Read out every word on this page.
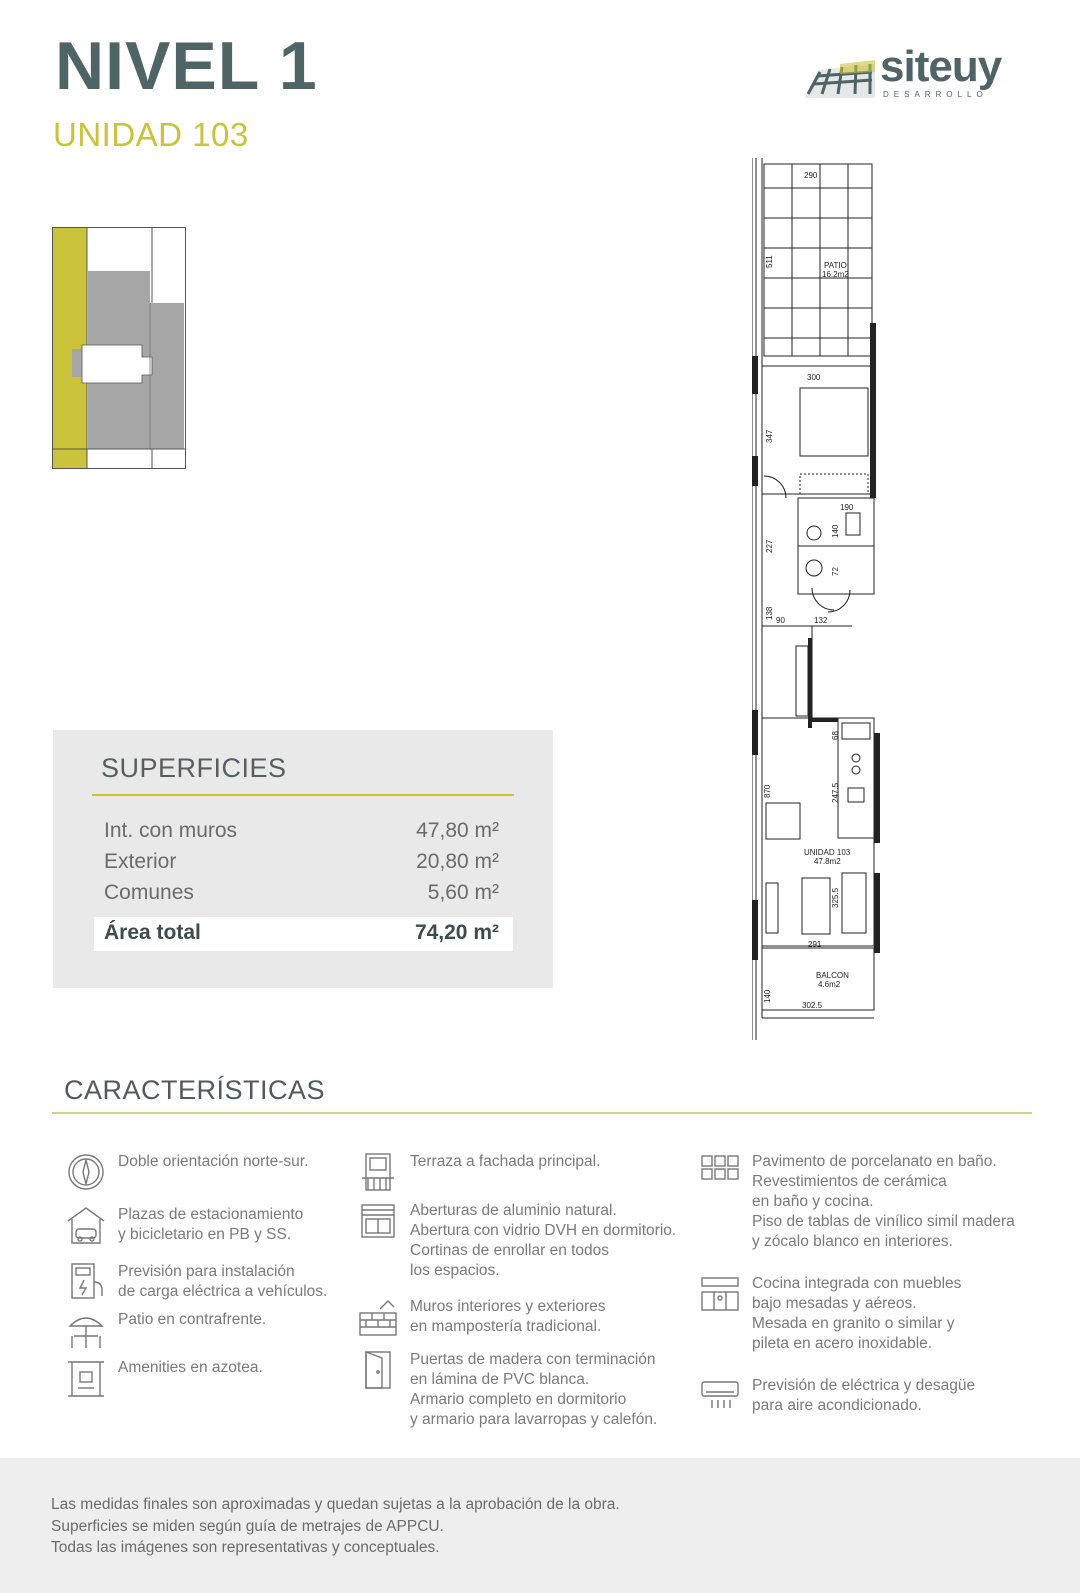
NIVEL 1
UNIDAD 103
siteuy
DESARROLLO
290
511	PATIO
16.2m2
300
347
190
140
227
72
138
90	132
68
870	247.5
UNIDAD 103
47.8m2
325.5
291
BALCON
4.6m2
140
302.5
SUPERFICIES
Int. con muros	47,80 m²
Exterior	20,80 m²
Comunes	5,60 m²
Área total	74,20 m²
CARACTERÍSTICAS
Doble orientación norte-sur.
Plazas de estacionamiento
y bicicletario en PB y SS.
Previsión para instalación
de carga eléctrica a vehículos.
Patio en contrafrente.
Amenities en azotea.
Terraza a fachada principal.
Aberturas de aluminio natural.
Abertura con vidrio DVH en dormitorio.
Cortinas de enrollar en todos
los espacios.
Muros interiores y exteriores
en mampostería tradicional.
Puertas de madera con terminación
en lámina de PVC blanca.
Armario completo en dormitorio
y armario para lavarropas y calefón.
Pavimento de porcelanato en baño.
Revestimientos de cerámica
en baño y cocina.
Piso de tablas de vinílico simil madera
y zócalo blanco en interiores.
Cocina integrada con muebles
bajo mesadas y aéreos.
Mesada en granito o similar y
pileta en acero inoxidable.
Previsión de eléctrica y desagüe
para aire acondicionado.
Las medidas finales son aproximadas y quedan sujetas a la aprobación de la obra.
Superficies se miden según guía de metrajes de APPCU.
Todas las imágenes son representativas y conceptuales.
